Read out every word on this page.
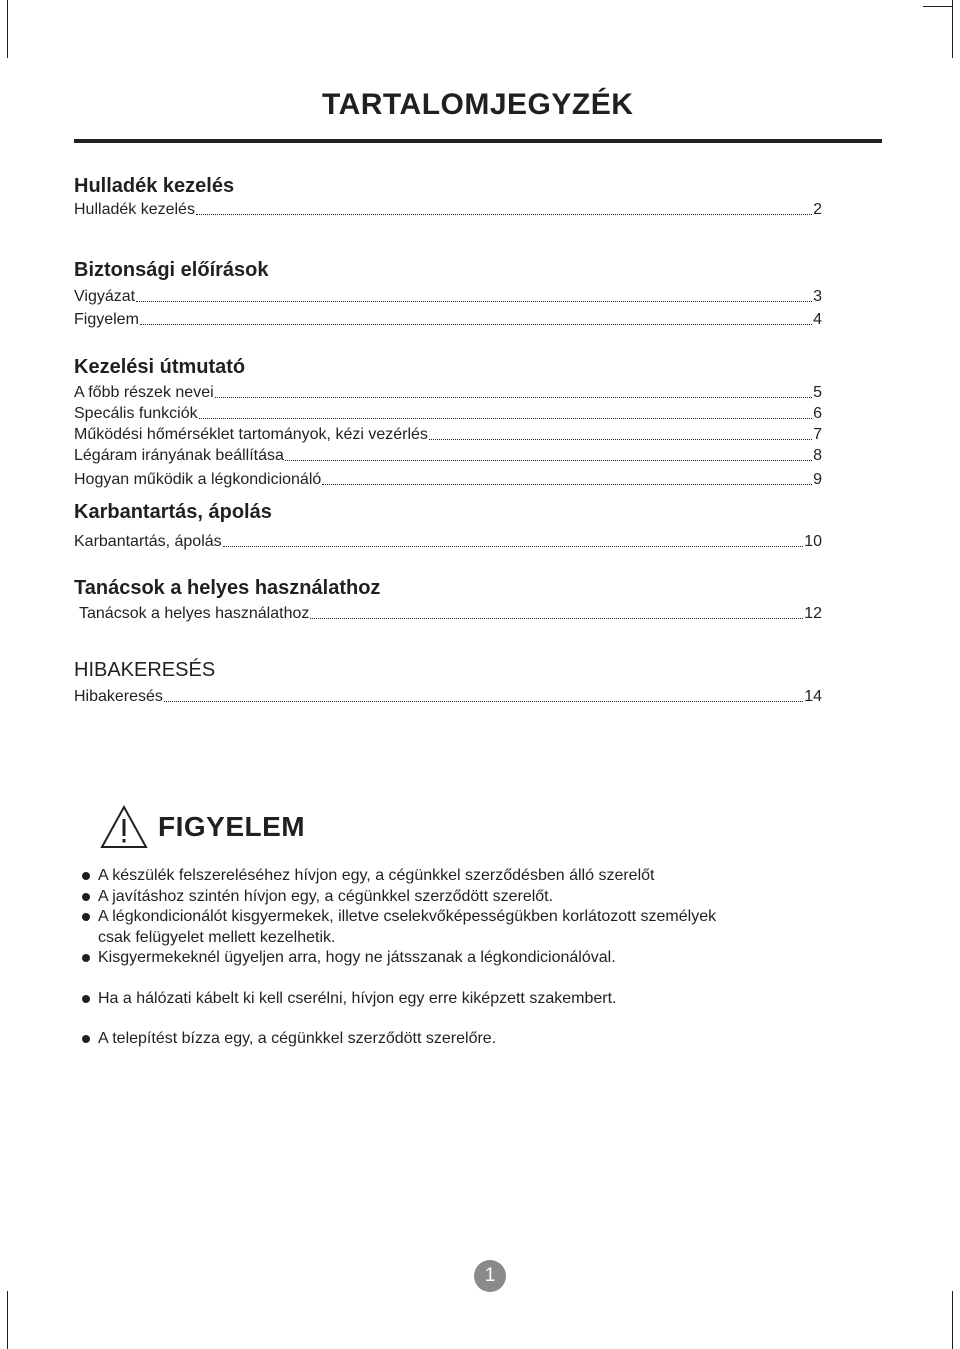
TARTALOMJEGYZÉK
Hulladék kezelés
Hulladék kezelés	2
Biztonsági előírások
Vigyázat	3
Figyelem	4
Kezelési útmutató
A főbb részek nevei	5
Specális funkciók	6
Működési hőmérséklet tartományok, kézi vezérlés	7
Légáram irányának beállítása	8
Hogyan működik a légkondicionáló	9
Karbantartás, ápolás
Karbantartás, ápolás	10
Tanácsok a helyes használathoz
Tanácsok a helyes használathoz	12
HIBAKERESÉS
Hibakeresés	14
FIGYELEM
A készülék felszereléséhez hívjon egy, a cégünkkel szerződésben álló szerelőt
A javításhoz szintén hívjon egy, a cégünkkel szerződött szerelőt.
A légkondicionálót kisgyermekek, illetve cselekvőképességükben korlátozott személyek csak felügyelet mellett kezelhetik.
Kisgyermekeknél ügyeljen arra, hogy ne játsszanak a légkondicionálóval.
Ha a hálózati kábelt ki kell cserélni, hívjon egy erre kiképzett szakembert.
A telepítést bízza egy, a cégünkkel szerződött szerelőre.
1
